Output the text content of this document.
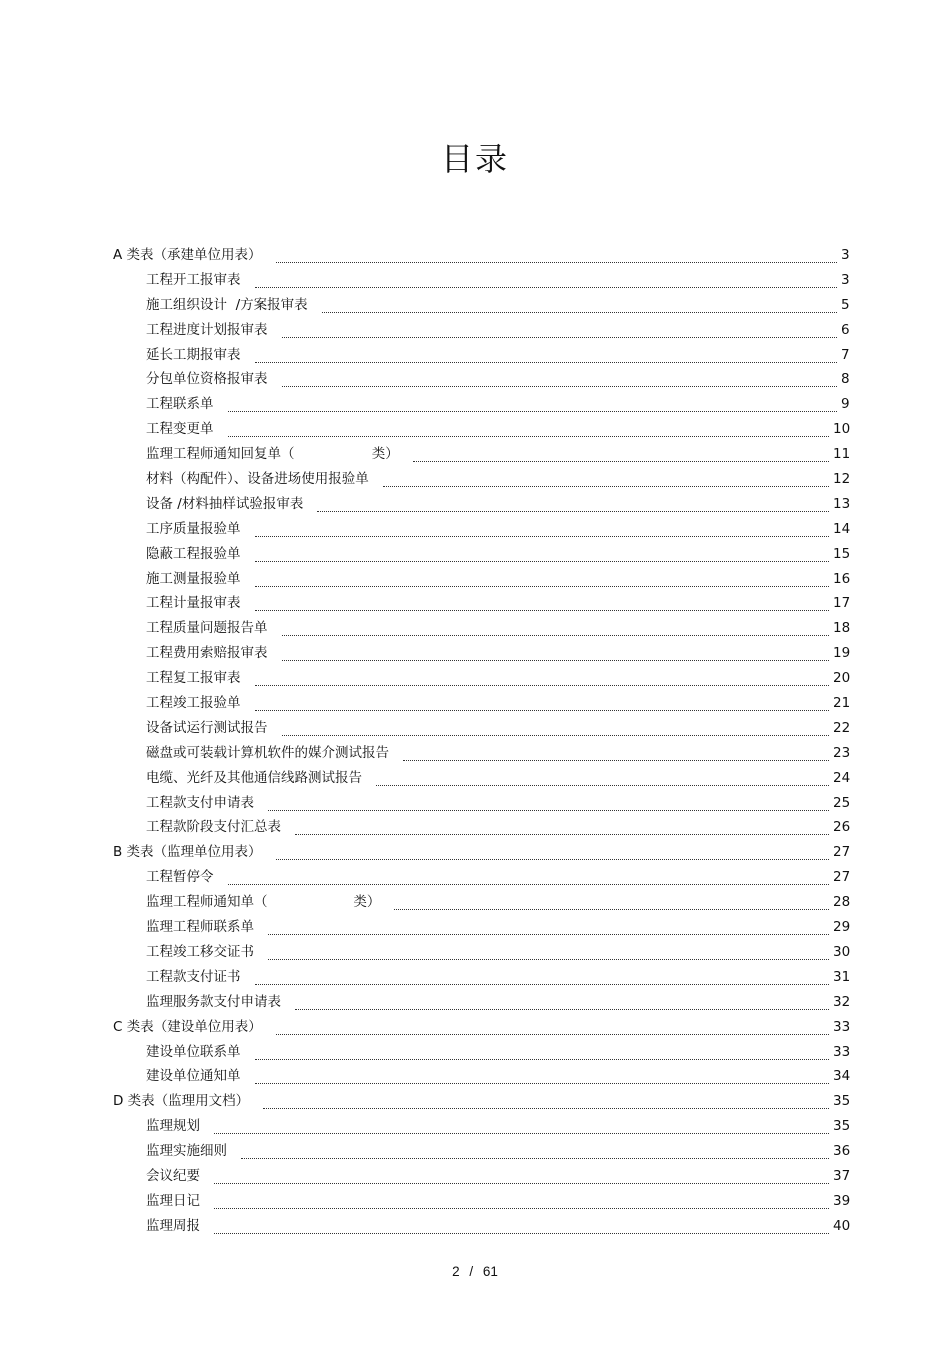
目录
A 类表（承建单位用表）	3
工程开工报审表	3
施工组织设计  /方案报审表	5
工程进度计划报审表	6
延长工期报审表	7
分包单位资格报审表	8
工程联系单	9
工程变更单	10
监理工程师通知回复单（                  类）	11
材料（构配件）、设备进场使用报验单	12
设备 /材料抽样试验报审表	13
工序质量报验单	14
隐蔽工程报验单	15
施工测量报验单	16
工程计量报审表	17
工程质量问题报告单	18
工程费用索赔报审表	19
工程复工报审表	20
工程竣工报验单	21
设备试运行测试报告	22
磁盘或可装载计算机软件的媒介测试报告	23
电缆、光纤及其他通信线路测试报告	24
工程款支付申请表	25
工程款阶段支付汇总表	26
B 类表（监理单位用表）	27
工程暂停令	27
监理工程师通知单（                    类）	28
监理工程师联系单	29
工程竣工移交证书	30
工程款支付证书	31
监理服务款支付申请表	32
C 类表（建设单位用表）	33
建设单位联系单	33
建设单位通知单	34
D 类表（监理用文档）	35
监理规划	35
监理实施细则	36
会议纪要	37
监理日记	39
监理周报	40
2 / 61
